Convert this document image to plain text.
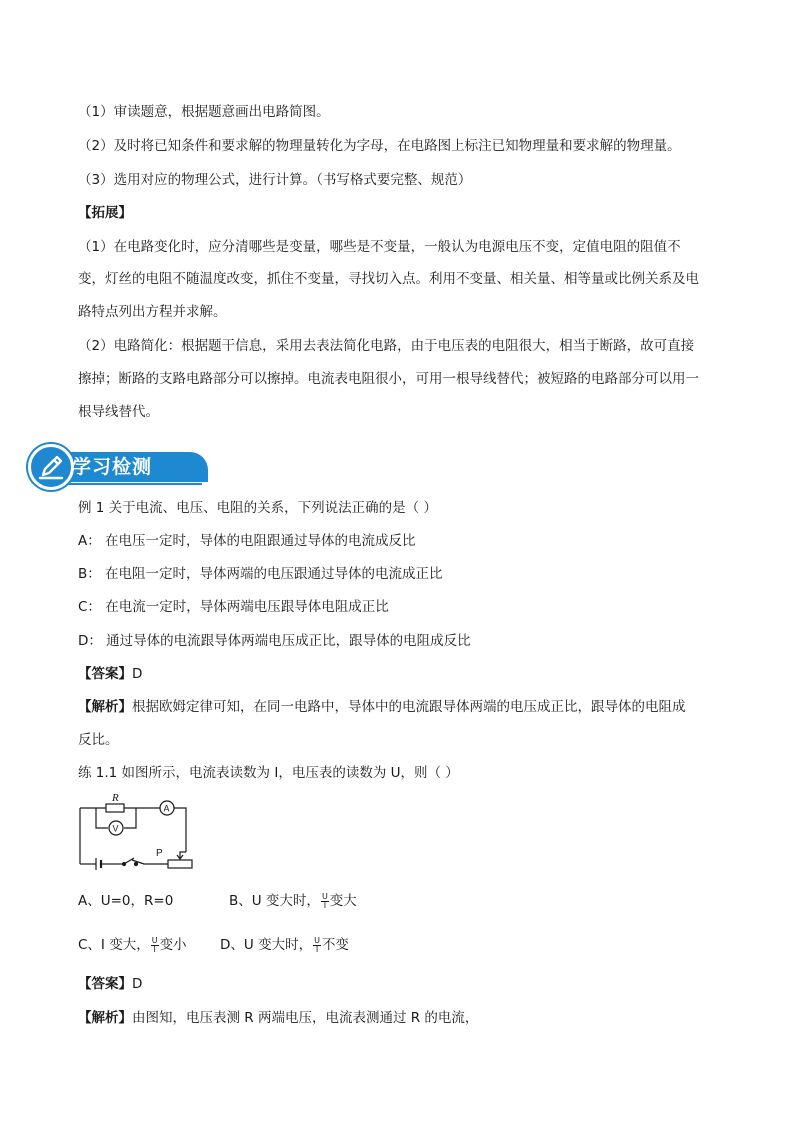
（1）审读题意，根据题意画出电路简图。
（2）及时将已知条件和要求解的物理量转化为字母，在电路图上标注已知物理量和要求解的物理量。
（3）选用对应的物理公式，进行计算。（书写格式要完整、规范）
【拓展】
（1）在电路变化时，应分清哪些是变量，哪些是不变量，一般认为电源电压不变，定值电阻的阻值不
变，灯丝的电阻不随温度改变，抓住不变量，寻找切入点。利用不变量、相关量、相等量或比例关系及电
路特点列出方程并求解。
（2）电路简化：根据题干信息，采用去表法简化电路，由于电压表的电阻很大，相当于断路，故可直接
擦掉；断路的支路电路部分可以擦掉。电流表电阻很小，可用一根导线替代；被短路的电路部分可以用一
根导线替代。
学习检测
例 1 关于电流、电压、电阻的关系，下列说法正确的是（ ）
A： 在电压一定时，导体的电阻跟通过导体的电流成反比
B： 在电阻一定时，导体两端的电压跟通过导体的电流成正比
C： 在电流一定时，导体两端电压跟导体电阻成正比
D： 通过导体的电流跟导体两端电压成正比，跟导体的电阻成反比
【答案】D
【解析】根据欧姆定律可知，在同一电路中，导体中的电流跟导体两端的电压成正比，跟导体的电阻成
反比。
练 1.1 如图所示，电流表读数为 I，电压表的读数为 U，则（ ）
R
A
V
P
A、U=0，R=0	B、U 变大时， $\frac{U}{I}$ 变大
C、I 变大， $\frac{U}{I}$ 变小 D、U 变大时， $\frac{U}{I}$ 不变
【答案】D
【解析】由图知，电压表测 R 两端电压，电流表测通过 R 的电流，
